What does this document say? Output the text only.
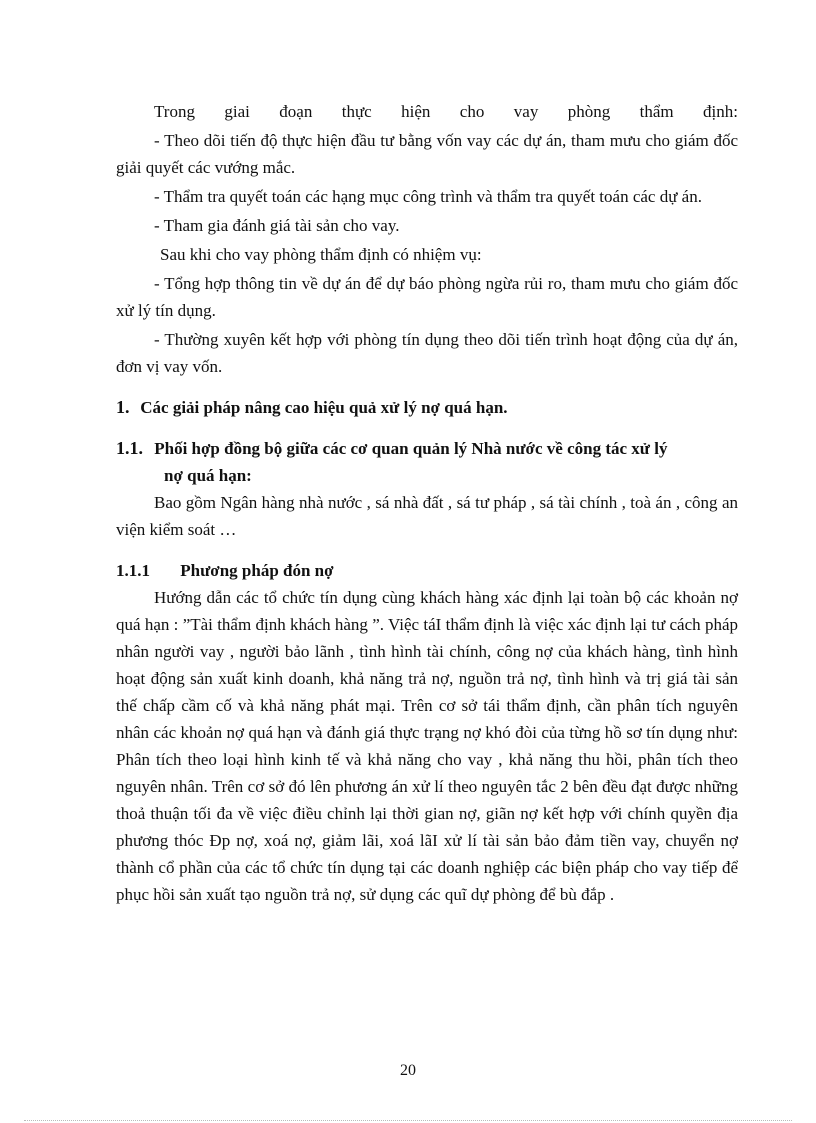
Trong giai đoạn thực hiện cho vay phòng thẩm định:

- Theo dõi tiến độ thực hiện đầu tư bằng vốn vay các dự án, tham mưu cho giám đốc giải quyết các vướng mắc.

- Thẩm tra quyết toán các hạng mục công trình và thẩm tra quyết toán các dự án.

- Tham gia đánh giá tài sản cho vay.

Sau khi cho vay phòng thẩm định có nhiệm vụ:

- Tổng hợp thông tin về dự án để dự báo phòng ngừa rủi ro, tham mưu cho giám đốc xử lý tín dụng.

- Thường xuyên kết hợp với phòng tín dụng theo dõi tiến trình hoạt động của dự án, đơn vị vay vốn.

1. Các giải pháp nâng cao hiệu quả xử lý nợ quá hạn.

1.1. Phối hợp đồng bộ giữa các cơ quan quản lý Nhà nước về công tác xử lý
nợ quá hạn:

Bao gồm Ngân hàng nhà nước , sá nhà đất , sá tư pháp , sá tài chính , toà án , công an viện kiểm soát …

1.1.1 Phương pháp đón nợ

Hướng dẫn các tổ chức tín dụng cùng khách hàng xác định lại toàn bộ các khoản nợ quá hạn : ”Tài thẩm định khách hàng ”. Việc táI thẩm định là việc xác định lại tư cách pháp nhân người vay , người bảo lãnh , tình hình tài chính, công nợ của khách hàng, tình hình hoạt động sản xuất kinh doanh, khả năng trả nợ, nguồn trả nợ, tình hình và trị giá tài sản thế chấp cầm cố và khả năng phát mại. Trên cơ sở tái thẩm định, cần phân tích nguyên nhân các khoản nợ quá hạn và đánh giá thực trạng nợ khó đòi của từng hồ sơ tín dụng như: Phân tích theo loại hình kinh tế và khả năng cho vay , khả năng thu hồi, phân tích theo nguyên nhân. Trên cơ sở đó lên phương án xử lí theo nguyên tắc 2 bên đều đạt được những thoả thuận tối đa về việc điều chỉnh lại thời gian nợ, giãn nợ kết hợp với chính quyền địa phương thóc Đp nợ, xoá nợ, giảm lãi, xoá lãI xử lí tài sản bảo đảm tiền vay, chuyển nợ thành cổ phần của các tổ chức tín dụng tại các doanh nghiệp các biện pháp cho vay tiếp để phục hồi sản xuất tạo nguồn trả nợ, sử dụng các quĩ dự phòng để bù đắp .

20
